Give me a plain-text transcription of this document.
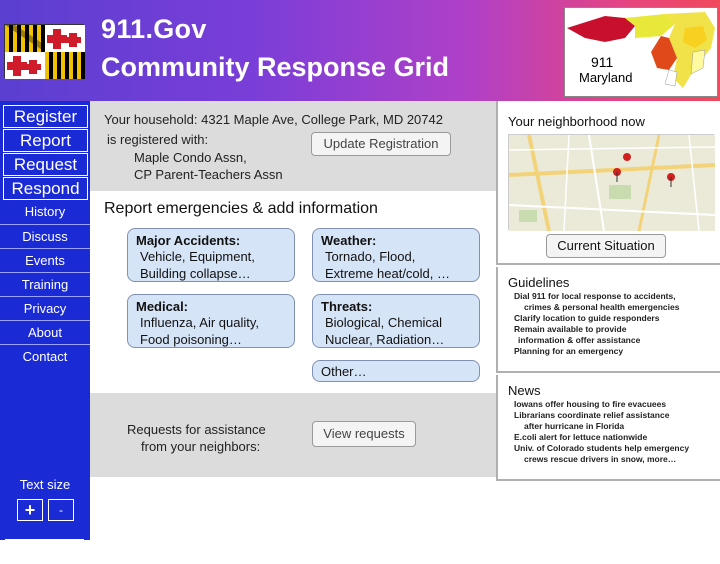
911.Gov
Community Response Grid	911
Maryland
Register
Report
Request
Respond
History
Discuss
Events
Training
Privacy
About
Contact
Text size
+	-
espag̃nol
Your household: 4321 Maple Ave, College Park, MD 20742
is registered with:
Maple Condo Assn,
CP Parent-Teachers Assn
Update Registration
Report emergencies & add information
Major Accidents:
Vehicle, Equipment,
Building collapse…
Weather:
Tornado, Flood,
Extreme heat/cold, …
Medical:
Influenza, Air quality,
Food poisoning…
Threats:
Biological, Chemical
Nuclear, Radiation…
Other…
Requests for assistance
from your neighbors:
View requests
Your neighborhood now
Current Situation
Guidelines
Dial 911 for local response to accidents,
crimes & personal health emergencies
Clarify location to guide responders
Remain available to provide
information & offer assistance
Planning for an emergency
News
Iowans offer housing to fire evacuees
Librarians coordinate relief assistance
after hurricane in Florida
E.coli alert for lettuce nationwide
Univ. of Colorado students help emergency
crews rescue drivers in snow, more…
